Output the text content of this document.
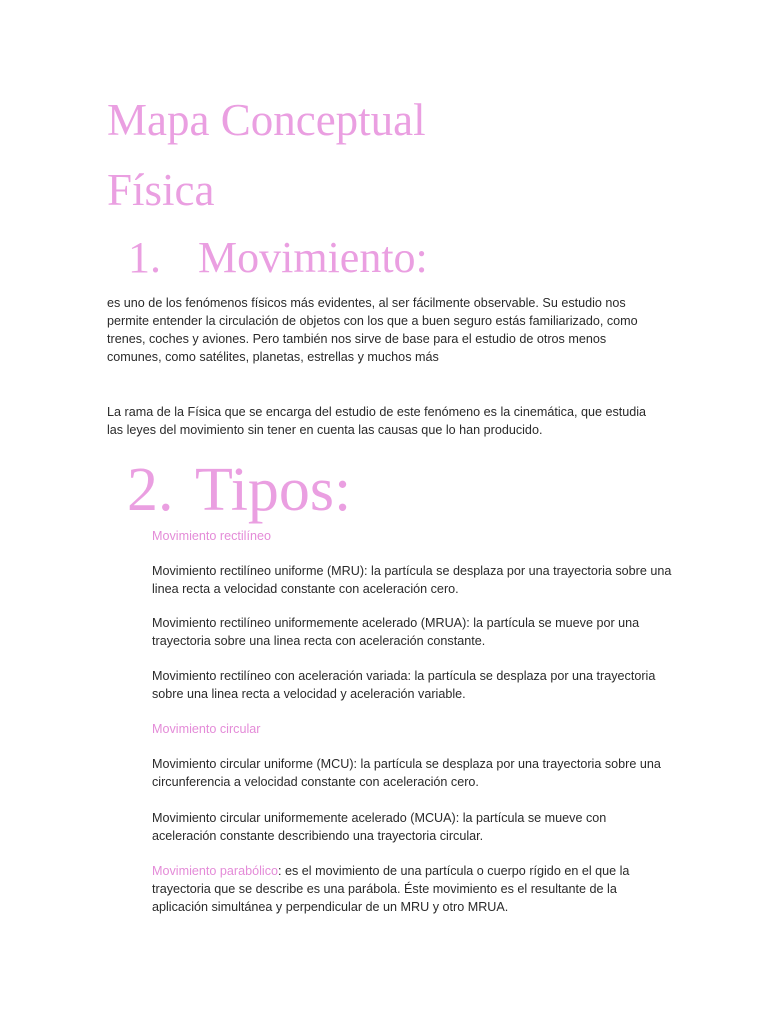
Mapa Conceptual
Física
1. Movimiento:

es uno de los fenómenos físicos más evidentes, al ser fácilmente observable. Su estudio nos permite entender la circulación de objetos con los que a buen seguro estás familiarizado, como trenes, coches y aviones. Pero también nos sirve de base para el estudio de otros menos comunes, como satélites, planetas, estrellas y muchos más

La rama de la Física que se encarga del estudio de este fenómeno es la cinemática, que estudia las leyes del movimiento sin tener en cuenta las causas que lo han producido.

2. Tipos:

Movimiento rectilíneo

Movimiento rectilíneo uniforme (MRU): la partícula se desplaza por una trayectoria sobre una linea recta a velocidad constante con aceleración cero.

Movimiento rectilíneo uniformemente acelerado (MRUA): la partícula se mueve por una trayectoria sobre una linea recta con aceleración constante.

Movimiento rectilíneo con aceleración variada: la partícula se desplaza por una trayectoria sobre una linea recta a velocidad y aceleración variable.

Movimiento circular

Movimiento circular uniforme (MCU): la partícula se desplaza por una trayectoria sobre una circunferencia a velocidad constante con aceleración cero.

Movimiento circular uniformemente acelerado (MCUA): la partícula se mueve con aceleración constante describiendo una trayectoria circular.

Movimiento parabólico: es el movimiento de una partícula o cuerpo rígido en el que la trayectoria que se describe es una parábola. Éste movimiento es el resultante de la aplicación simultánea y perpendicular de un MRU y otro MRUA.
